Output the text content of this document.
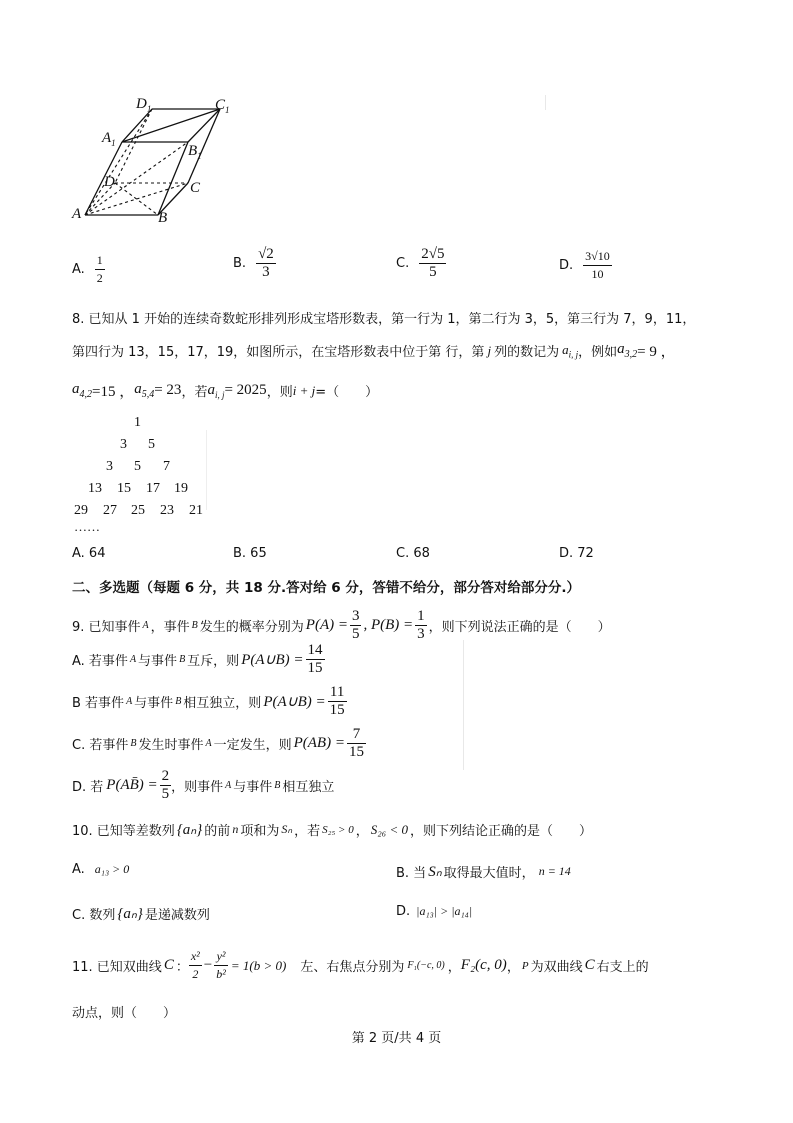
$D_1$	$C_1$
$A_1$	$B_1$
D	C
A	B
A. $\frac{1}{2}$	B. $\frac{√2}{3}$	C. $\frac{2√5}{5}$	D. $\frac{3√10}{10}$
8. 已知从 1 开始的连续奇数蛇形排列形成宝塔形数表，第一行为 1，第二行为 3，5，第三行为 7，9，11，
第四行为 13，15，17，19，如图所示，在宝塔形数表中位于第 行，第 j 列的数记为 $a_{i, j}$ ，例如 $a_{3,2} = 9$ ，
$a_{4,2} =15$ ， $a_{5,4} = 23$ ，若 $a_{i, j} = 2025$ ，则 i + j =（　　）
1
3 5
3 5 7
13 15 17 19
29 27 25 23 21
……
A. 64	B. 65	C. 68	D. 72
二、多选题（每题 6 分，共 18 分.答对给 6 分，答错不给分，部分答对给部分分.）
9. 已知事件 A ，事件 B 发生的概率分别为 $P(A) = \frac{3}{5}$ , $P(B) = \frac{1}{3}$ ，则下列说法正确的是（　　）
A. 若事件 A 与事件 B 互斥，则 P(A∪B) = $\frac{14}{15}$
B 若事件 A 与事件 B 相互独立，则 P(A∪B) = $\frac{11}{15}$
C. 若事件 B 发生时事件 A 一定发生，则 $P(AB) = \frac{7}{15}$
D. 若 P(AB̄) = $\frac{2}{5}$ ，则事件 A 与事件 B 相互独立
10. 已知等差数列 {aₙ} 的前 n 项和为 Sₙ ，若 S₂₅ > 0 ， S₂₆ < 0 ，则下列结论正确的是（　　）
A. a₁₃ > 0	B. 当 Sₙ 取得最大值时， n = 14
C. 数列 {aₙ} 是递减数列	D. |a₁₃| > |a₁₄|
11. 已知双曲线 C ： $\frac{\text{x²}}{2} - \frac{\text{y²}}{\text{b²}} = 1(b > 0)$ 左、右焦点分别为 F₁(−c, 0) ， F₂(c, 0) ， P 为双曲线 C 右支上的
动点，则（　　）
第 2 页/共 4 页
